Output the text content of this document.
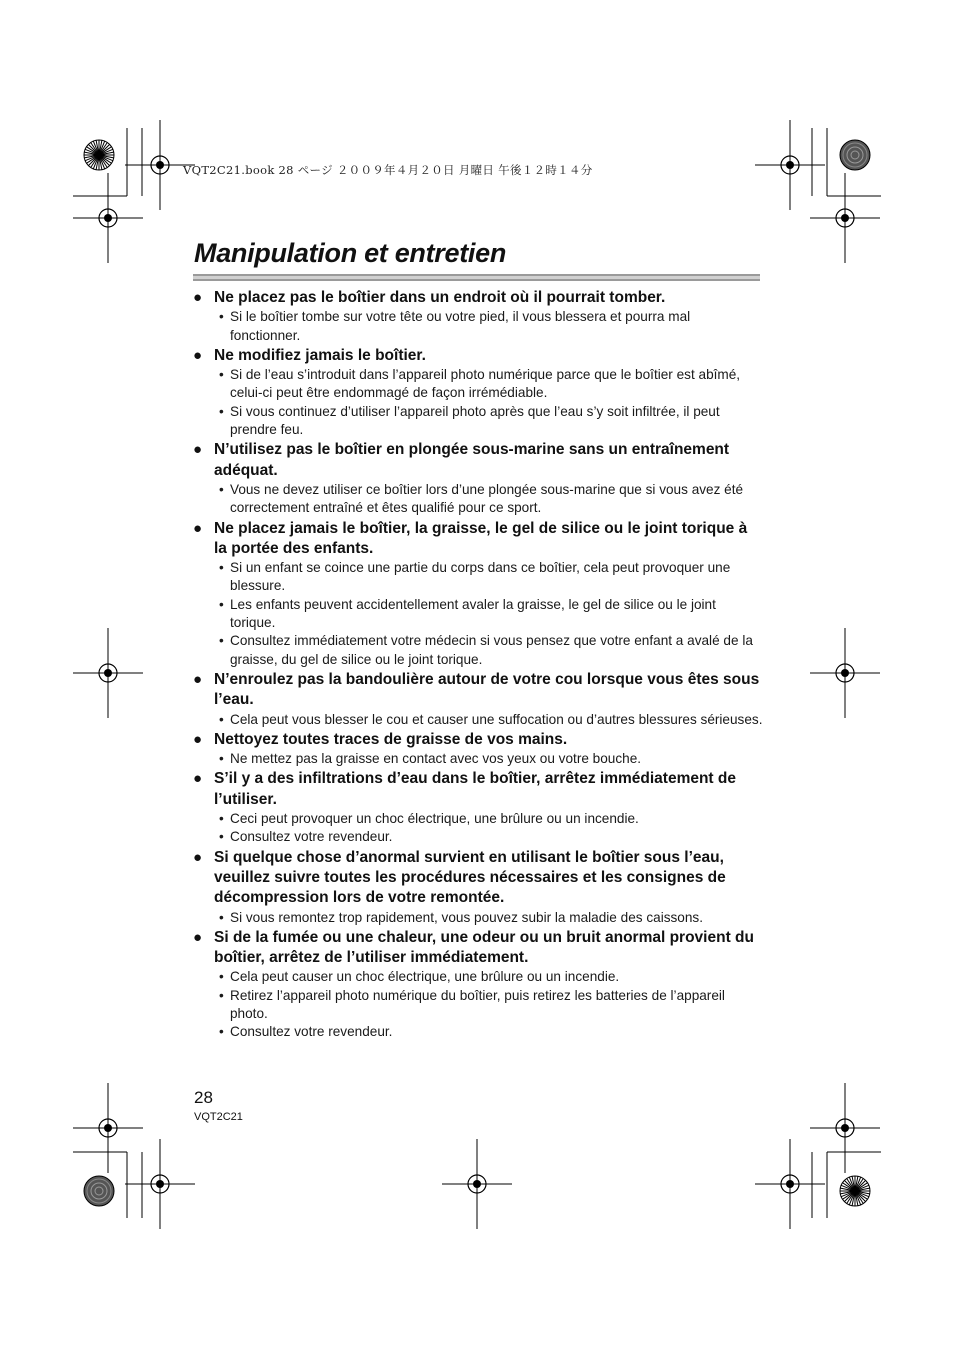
VQT2C21.book 28 ページ ２００９年４月２０日 月曜日 午後１２時１４分
Manipulation et entretien
● Ne placez pas le boîtier dans un endroit où il pourrait tomber.
• Si le boîtier tombe sur votre tête ou votre pied, il vous blessera et pourra mal fonctionner.
● Ne modifiez jamais le boîtier.
• Si de l’eau s’introduit dans l’appareil photo numérique parce que le boîtier est abîmé, celui-ci peut être endommagé de façon irrémédiable.
• Si vous continuez d’utiliser l’appareil photo après que l’eau s’y soit infiltrée, il peut prendre feu.
● N’utilisez pas le boîtier en plongée sous-marine sans un entraînement adéquat.
• Vous ne devez utiliser ce boîtier lors d’une plongée sous-marine que si vous avez été correctement entraîné et êtes qualifié pour ce sport.
● Ne placez jamais le boîtier, la graisse, le gel de silice ou le joint torique à la portée des enfants.
• Si un enfant se coince une partie du corps dans ce boîtier, cela peut provoquer une blessure.
• Les enfants peuvent accidentellement avaler la graisse, le gel de silice ou le joint torique.
• Consultez immédiatement votre médecin si vous pensez que votre enfant a avalé de la graisse, du gel de silice ou le joint torique.
● N’enroulez pas la bandoulière autour de votre cou lorsque vous êtes sous l’eau.
• Cela peut vous blesser le cou et causer une suffocation ou d’autres blessures sérieuses.
● Nettoyez toutes traces de graisse de vos mains.
• Ne mettez pas la graisse en contact avec vos yeux ou votre bouche.
● S’il y a des infiltrations d’eau dans le boîtier, arrêtez immédiatement de l’utiliser.
• Ceci peut provoquer un choc électrique, une brûlure ou un incendie.
• Consultez votre revendeur.
● Si quelque chose d’anormal survient en utilisant le boîtier sous l’eau, veuillez suivre toutes les procédures nécessaires et les consignes de décompression lors de votre remontée.
• Si vous remontez trop rapidement, vous pouvez subir la maladie des caissons.
● Si de la fumée ou une chaleur, une odeur ou un bruit anormal provient du boîtier, arrêtez de l’utiliser immédiatement.
• Cela peut causer un choc électrique, une brûlure ou un incendie.
• Retirez l’appareil photo numérique du boîtier, puis retirez les batteries de l’appareil photo.
• Consultez votre revendeur.
28
VQT2C21
